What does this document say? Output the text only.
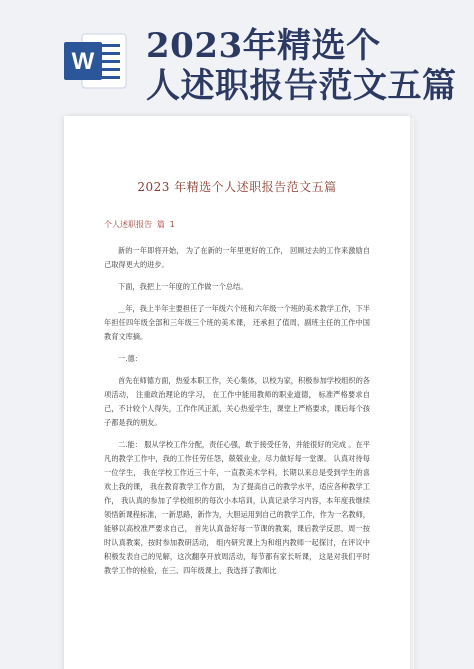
W 2023年精选个
人述职报告范文五篇
2023 年精选个人述职报告范文五篇
个人述职报告 篇 1

新的一年即将开始， 为了在新的一年里更好的工作， 回顾过去的工作来激励自己取得更大的进步。

下面，我把上一年度的工作做一个总结。

__年，我上半年主要担任了一年级六个班和六年级一个班的美术教学工作，下半年担任四年级全部和三年级三个班的美术课， 还承担了值周、副班主任的工作中国教育文库摘。

一.德：

首先在师德方面，热爱本职工作，关心集体，以校为家，积极参加学校组织的各项活动， 注重政治理论的学习， 在工作中能用教师的职业道德， 标准严格要求自己，不计较个人得失，工作作风正派，关心热爱学生，课堂上严格要求，课后每个孩子都是我的朋友。

二.能： 服从学校工作分配，责任心强，敢于接受任务，并能很好的完成 。在平凡的教学工作中，我的工作任劳任怨，兢兢业业，尽力做好每一堂课。 认真对待每一位学生， 我在学校工作近三十年，一直教美术学科，长期以来总是受到学生的喜欢上我的课， 我在教育教学工作方面， 为了提高自己的教学水平，适应各种教学工作， 我认真的参加了学校组织的每次小本培训，认真记录学习内容，本年度我继续领悟新课程标准，一新思路，新作为，大胆运用到自己的教学工作，作为一名教师， 能够以高校准严要求自己， 首先认真备好每一节课的教案，课后教学反思，周一按时认真教案，按时参加教研活动， 组内研究课上为和组内教师一起探讨，在评议中积极发表自己的见解，这次翻享开放周活动，每节都有家长听课， 这是对我们平时教学工作的检验，在三、四年级课上，我选择了教师比
